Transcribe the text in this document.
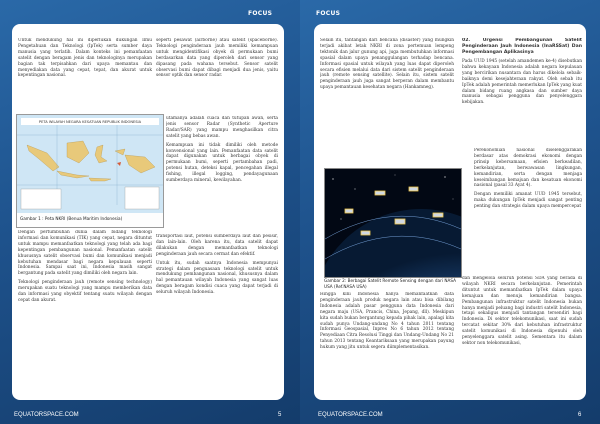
FOCUS

Untuk mendukung hal ini diperlukan dukungan Ilmu Pengetahuan dan Teknologi (IpTek) serta sumber daya manusia yang terlatih. Dalam konteks ini pemanfaatan satelit dengan beragam jenis dan teknologinya merupakan bagian tak terpisahkan dari upaya memantau dan menyediakan data yang cepat, tepat, dan akurat untuk kepentingan nasional.

PETA WILAYAH NEGARA KESATUAN REPUBLIK INDONESIA
Gambar 1 : Peta NKRI (Benua Maritim Indonesia)

Dengan pertumbuhan dunia dalam bidang teknologi informasi dan komunikasi (TIK) yang cepat, negara dituntut untuk mampu memanfaatkan teknologi yang telah ada bagi kepentingan pembangunan nasional. Pemanfaatan satelit khususnya satelit observasi bumi dan komunikasi menjadi kebutuhan mendasar bagi negara kepulauan seperti Indonesia. Sampai saat ini, Indonesia masih sangat bergantung pada satelit yang dimiliki oleh negara lain.

Teknologi penginderaan jauh (remote sensing technology) merupakan suatu teknologi yang mampu memberikan data dan informasi yang obyektif tentang suatu wilayah dengan cepat dan akurat.

seperti pesawat (airborne) atau satelit (spaceborne). Teknologi penginderaan jauh memiliki kemampuan untuk mengidentifikasi obyek di permukaan bumi berdasarkan data yang diperoleh dari sensor yang dipasang pada wahana tersebut. Sensor satelit observasi bumi dapat dibagi menjadi dua jenis, yaitu sensor optik dan sensor radar.

utamanya adalah cuaca dan tutupan awan, serta jenis sensor Radar (Synthetic Aperture Radar/SAR) yang mampu menghasilkan citra satelit yang bebas awan.

Kemampuan ini tidak dimiliki oleh metode konvensional yang lain. Pemanfaatan data satelit dapat digunakan untuk berbagai obyek di permukaan bumi, seperti pertambahan padi, potensi hutan, deteksi kapal, pencegahan illegal fishing, illegal logging, pendayagunaan sumberdaya mineral, kewilayahan.

transportasi laut, potensi sumberdaya laut dan pesisir, dan lain-lain. Oleh karena itu, data satelit dapat dilakukan dengan memanfaatkan teknologi penginderaan jauh secara cermat dan efektif.

Untuk itu, sudah saatnya Indonesia mempunyai strategi dalam penguasaan teknologi satelit untuk mendukung pembangunan nasional, khususnya dalam hal pemantauan wilayah Indonesia yang sangat luas dengan beragam kondisi cuaca yang dapat terjadi di seluruh wilayah Indonesia.

EQUATORSPACE.COM	5
FOCUS

Selain itu, tantangan dari bencana (disaster) yang mungkin terjadi akibat letak NKRI di zona pertemuan lempeng tektonik dan jalur gunung api, juga membutuhkan informasi spasial dalam upaya penanggulangan terhadap bencana. Informasi spasial untuk wilayah yang luas dapat diperoleh secara efisien melalui data dari sistem satelit penginderaan jauh (remote sensing satellite). Selain itu, sistem satelit penginderaan jauh juga sangat berperan dalam membantu upaya pemantauan kesehatan negara (Hankamneg).

Gambar 2: Berbagai Satelit Remote Sensing dengan dari NASA USA (Ref.NASA USA)

Hingga kini Indonesia hanya memanfaatkan data penginderaan jauh produk negara lain atau bisa dibilang Indonesia adalah pasar pengguna data Indonesia dari negara maju (USA, Prancis, China, Jepang, dll). Meskipun kita sudah bukan bergantung kepada pihak lain, apalagi kita sudah punya Undang-undang No 4 tahun 2011 tentang Informasi Geospasial, Inpres No 6 tahun 2012 tentang Penyediaan Citra Resolusi Tinggi dan Undang-Undang No 21 tahun 2013 tentang Keantariksaan yang merupakan payung hukum yang jitu untuk segera diimplementasikan.

02. Urgensi Pembangunan Satelit Penginderaan Jauh Indonesia (InaRSSat) Dan Pengembangan Aplikasinya

Pada UUD 1945 (setelah amandemen ke-4) disebutkan bahwa kekayaan Indonesia adalah negara kepulauan yang bercirikan nusantara dan harus dikelola sebaik-baiknya demi kesejahteraan rakyat. Oleh sebab itu IpTek adalah pemerintah memerlukan IpTek yang kuat dalam bidang ruang angkasa dan sumber daya manusia sebagai pengguna dan penyelenggara kebijakan.

Perekonomian nasional diselenggarakan berdasar atas demokrasi ekonomi dengan prinsip kebersamaan, efisien berkeadilan, berkelanjutan, berwawasan lingkungan, kemandirian, serta dengan menjaga keseimbangan kemajuan dan kesatuan ekonomi nasional (pasal 33 Ayat 4).

Dengan memiliki amanat UUD 1945 tersebut, maka dukungan IpTek menjadi sangat penting penting dan strategis dalam upaya mempercepat

dan mengelola seluruh potensi SDA yang berada di wilayah NKRI secara berkelanjutan. Pemerintah dituntut untuk memanfaatkan IpTek dalam upaya kemajuan dan menuju kemandirian bangsa. Pembangunan infrastruktur satelit Indonesia bukan hanya menjadi peluang bagi industri satelit Indonesia, tetapi sekaligus menjadi tantangan tersendiri bagi Indonesia. Di sektor telekomunikasi, saat ini sudah tercatat sekitar 30% dari kebutuhan infrastruktur satelit komunikasi di Indonesia dipenuhi oleh penyelenggara satelit asing. Sementara itu dalam sektor non telekomunikasi,

EQUATORSPACE.COM	6
